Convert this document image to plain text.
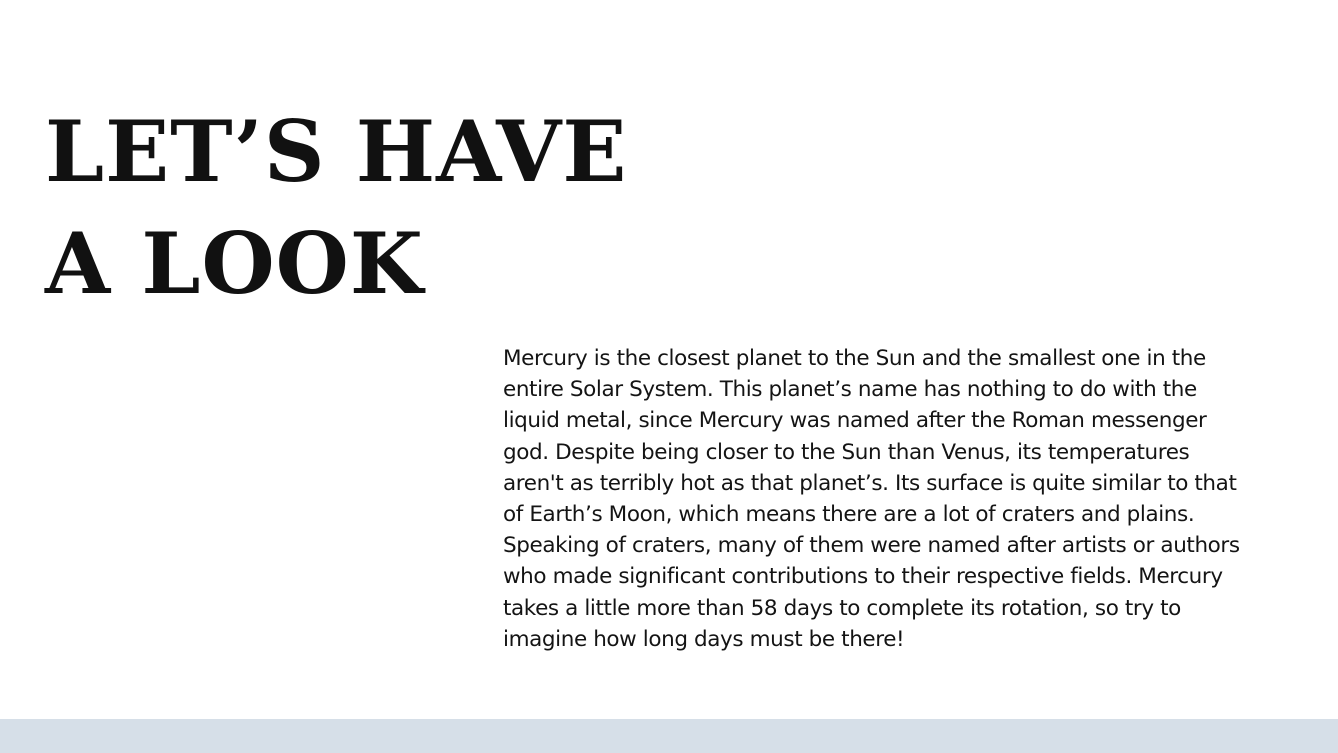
LET’S HAVE
A LOOK

Mercury is the closest planet to the Sun and the smallest one in the
entire Solar System. This planet’s name has nothing to do with the
liquid metal, since Mercury was named after the Roman messenger
god. Despite being closer to the Sun than Venus, its temperatures
aren't as terribly hot as that planet’s. Its surface is quite similar to that
of Earth’s Moon, which means there are a lot of craters and plains.
Speaking of craters, many of them were named after artists or authors
who made significant contributions to their respective fields. Mercury
takes a little more than 58 days to complete its rotation, so try to
imagine how long days must be there!
